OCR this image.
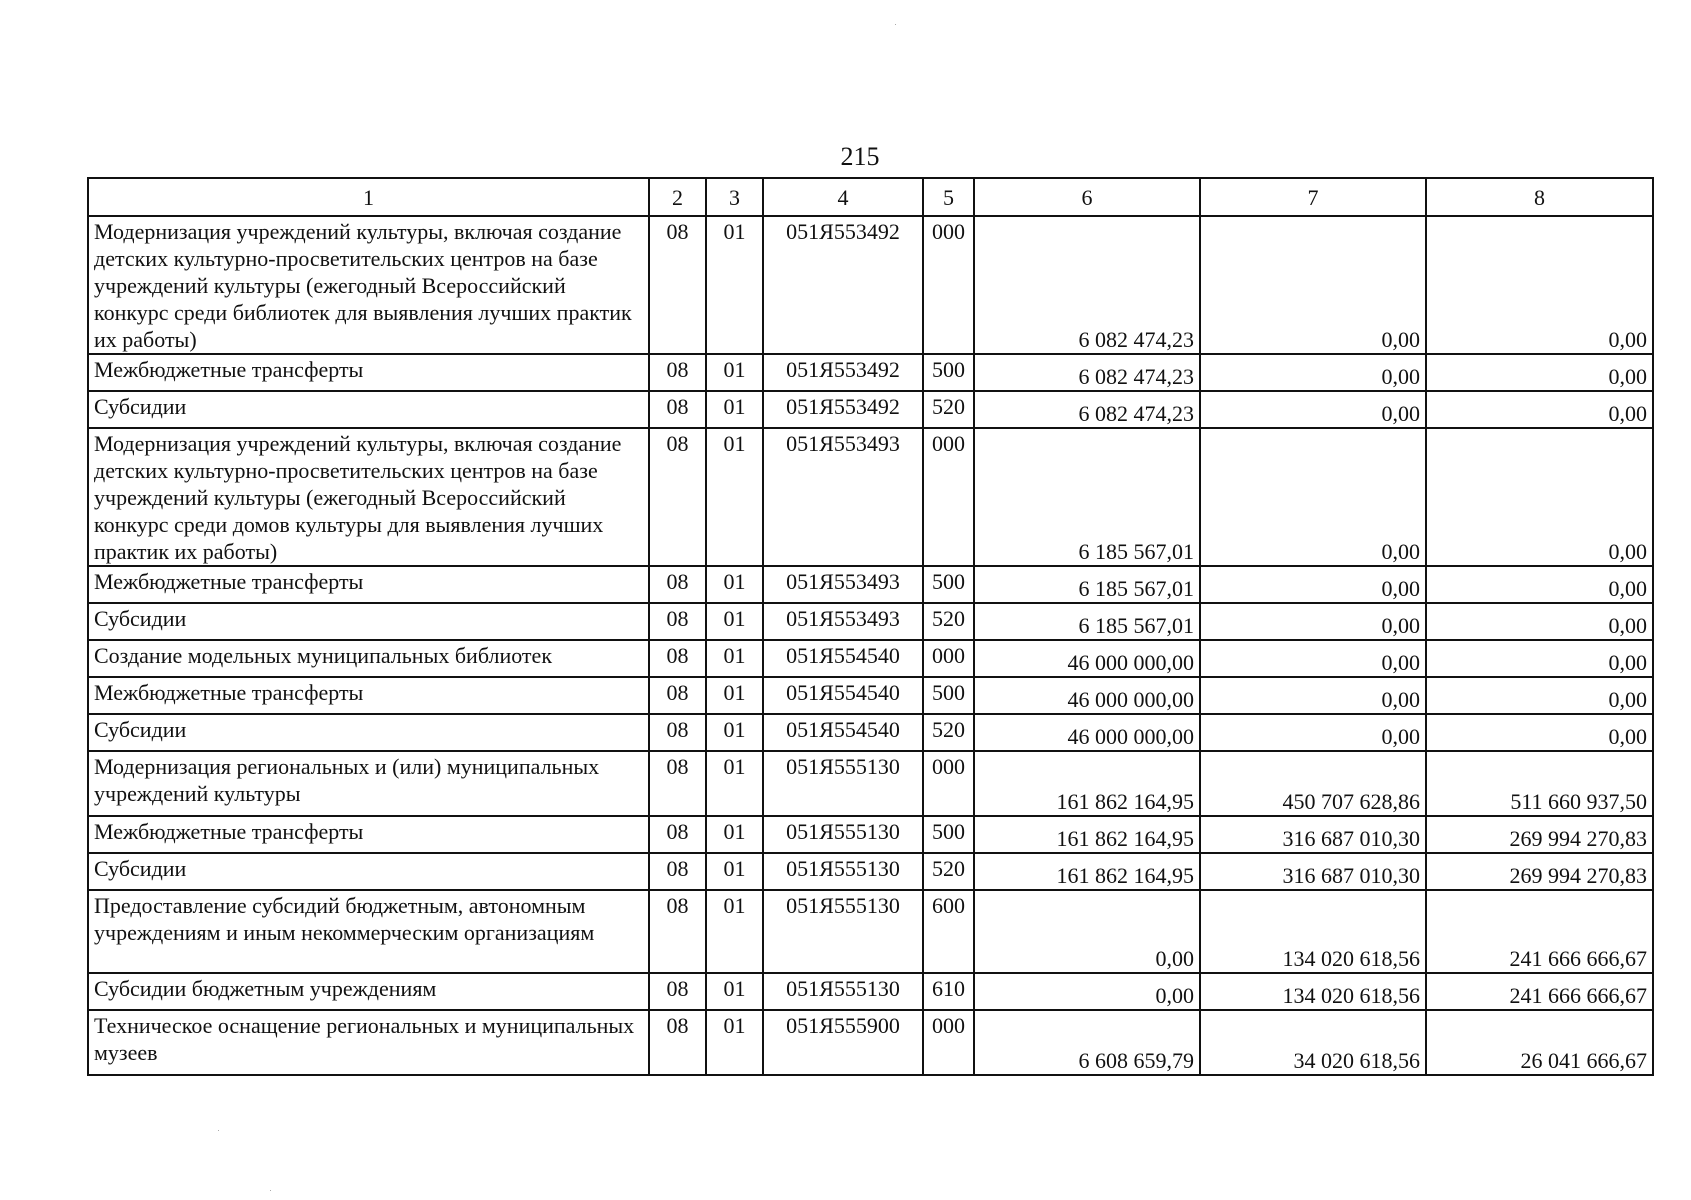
215
1	2	3	4	5	6	7	8
Модернизация учреждений культуры, включая создание детских культурно-просветительских центров на базе учреждений культуры (ежегодный Всероссийский конкурс среди библиотек для выявления лучших практик их работы)	08	01	051Я553492	000	6 082 474,23	0,00	0,00
Межбюджетные трансферты	08	01	051Я553492	500	6 082 474,23	0,00	0,00
Субсидии	08	01	051Я553492	520	6 082 474,23	0,00	0,00
Модернизация учреждений культуры, включая создание детских культурно-просветительских центров на базе учреждений культуры (ежегодный Всероссийский конкурс среди домов культуры для выявления лучших практик их работы)	08	01	051Я553493	000	6 185 567,01	0,00	0,00
Межбюджетные трансферты	08	01	051Я553493	500	6 185 567,01	0,00	0,00
Субсидии	08	01	051Я553493	520	6 185 567,01	0,00	0,00
Создание модельных муниципальных библиотек	08	01	051Я554540	000	46 000 000,00	0,00	0,00
Межбюджетные трансферты	08	01	051Я554540	500	46 000 000,00	0,00	0,00
Субсидии	08	01	051Я554540	520	46 000 000,00	0,00	0,00
Модернизация региональных и (или) муниципальных учреждений культуры	08	01	051Я555130	000	161 862 164,95	450 707 628,86	511 660 937,50
Межбюджетные трансферты	08	01	051Я555130	500	161 862 164,95	316 687 010,30	269 994 270,83
Субсидии	08	01	051Я555130	520	161 862 164,95	316 687 010,30	269 994 270,83
Предоставление субсидий бюджетным, автономным учреждениям и иным некоммерческим организациям	08	01	051Я555130	600	0,00	134 020 618,56	241 666 666,67
Субсидии бюджетным учреждениям	08	01	051Я555130	610	0,00	134 020 618,56	241 666 666,67
Техническое оснащение региональных и муниципальных музеев	08	01	051Я555900	000	6 608 659,79	34 020 618,56	26 041 666,67
